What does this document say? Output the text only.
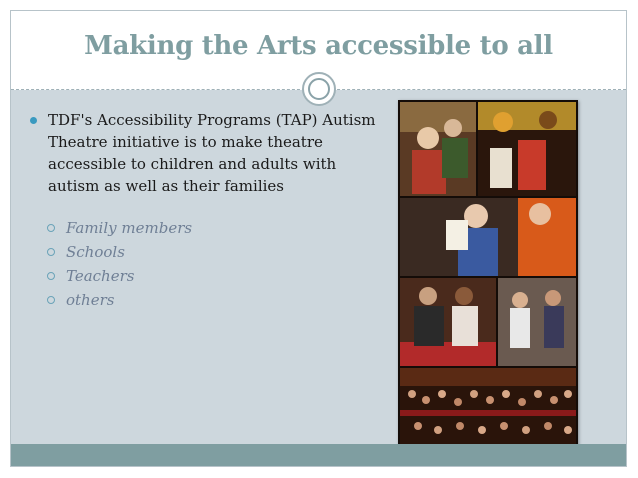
Making the Arts accessible to all
TDF's Accessibility Programs (TAP) Autism Theatre initiative is to make theatre accessible to children and adults with autism as well as their families
Family members
Schools
Teachers
others
